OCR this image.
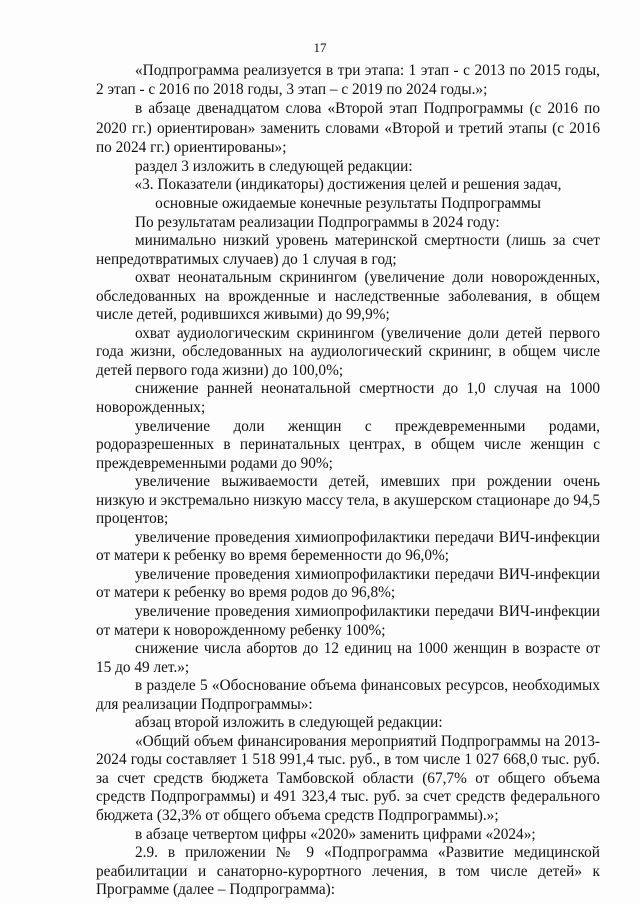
17

«Подпрограмма реализуется в три этапа: 1 этап - с 2013 по 2015 годы, 2 этап - с 2016 по 2018 годы, 3 этап – с 2019 по 2024 годы.»;

в абзаце двенадцатом слова «Второй этап Подпрограммы (с 2016 по 2020 гг.) ориентирован» заменить словами «Второй и третий этапы (с 2016 по 2024 гг.) ориентированы»;

раздел 3 изложить в следующей редакции:

«3. Показатели (индикаторы) достижения целей и решения задач,
основные ожидаемые конечные результаты Подпрограммы

По результатам реализации Подпрограммы в 2024 году:

минимально низкий уровень материнской смертности (лишь за счет непредотвратимых случаев) до 1 случая в год;

охват неонатальным скринингом (увеличение доли новорожденных, обследованных на врожденные и наследственные заболевания, в общем числе детей, родившихся живыми) до 99,9%;

охват аудиологическим скринингом (увеличение доли детей первого года жизни, обследованных на аудиологический скрининг, в общем числе детей первого года жизни) до 100,0%;

снижение ранней неонатальной смертности до 1,0 случая на 1000 новорожденных;

увеличение доли женщин с преждевременными родами, родоразрешенных в перинатальных центрах, в общем числе женщин с преждевременными родами до 90%;

увеличение выживаемости детей, имевших при рождении очень низкую и экстремально низкую массу тела, в акушерском стационаре до 94,5 процентов;

увеличение проведения химиопрофилактики передачи ВИЧ-инфекции от матери к ребенку во время беременности до 96,0%;

увеличение проведения химиопрофилактики передачи ВИЧ-инфекции от матери к ребенку во время родов до 96,8%;

увеличение проведения химиопрофилактики передачи ВИЧ-инфекции от матери к новорожденному ребенку 100%;

снижение числа абортов до 12 единиц на 1000 женщин в возрасте от 15 до 49 лет.»;

в разделе 5 «Обоснование объема финансовых ресурсов, необходимых для реализации Подпрограммы»:

абзац второй изложить в следующей редакции:

«Общий объем финансирования мероприятий Подпрограммы на 2013-2024 годы составляет 1 518 991,4 тыс. руб., в том числе 1 027 668,0 тыс. руб. за счет средств бюджета Тамбовской области (67,7% от общего объема средств Подпрограммы) и 491 323,4 тыс. руб. за счет средств федерального бюджета (32,3% от общего объема средств Подпрограммы).»;

в абзаце четвертом цифры «2020» заменить цифрами «2024»;

2.9. в приложении № 9 «Подпрограмма «Развитие медицинской реабилитации и санаторно-курортного лечения, в том числе детей» к Программе (далее – Подпрограмма):
